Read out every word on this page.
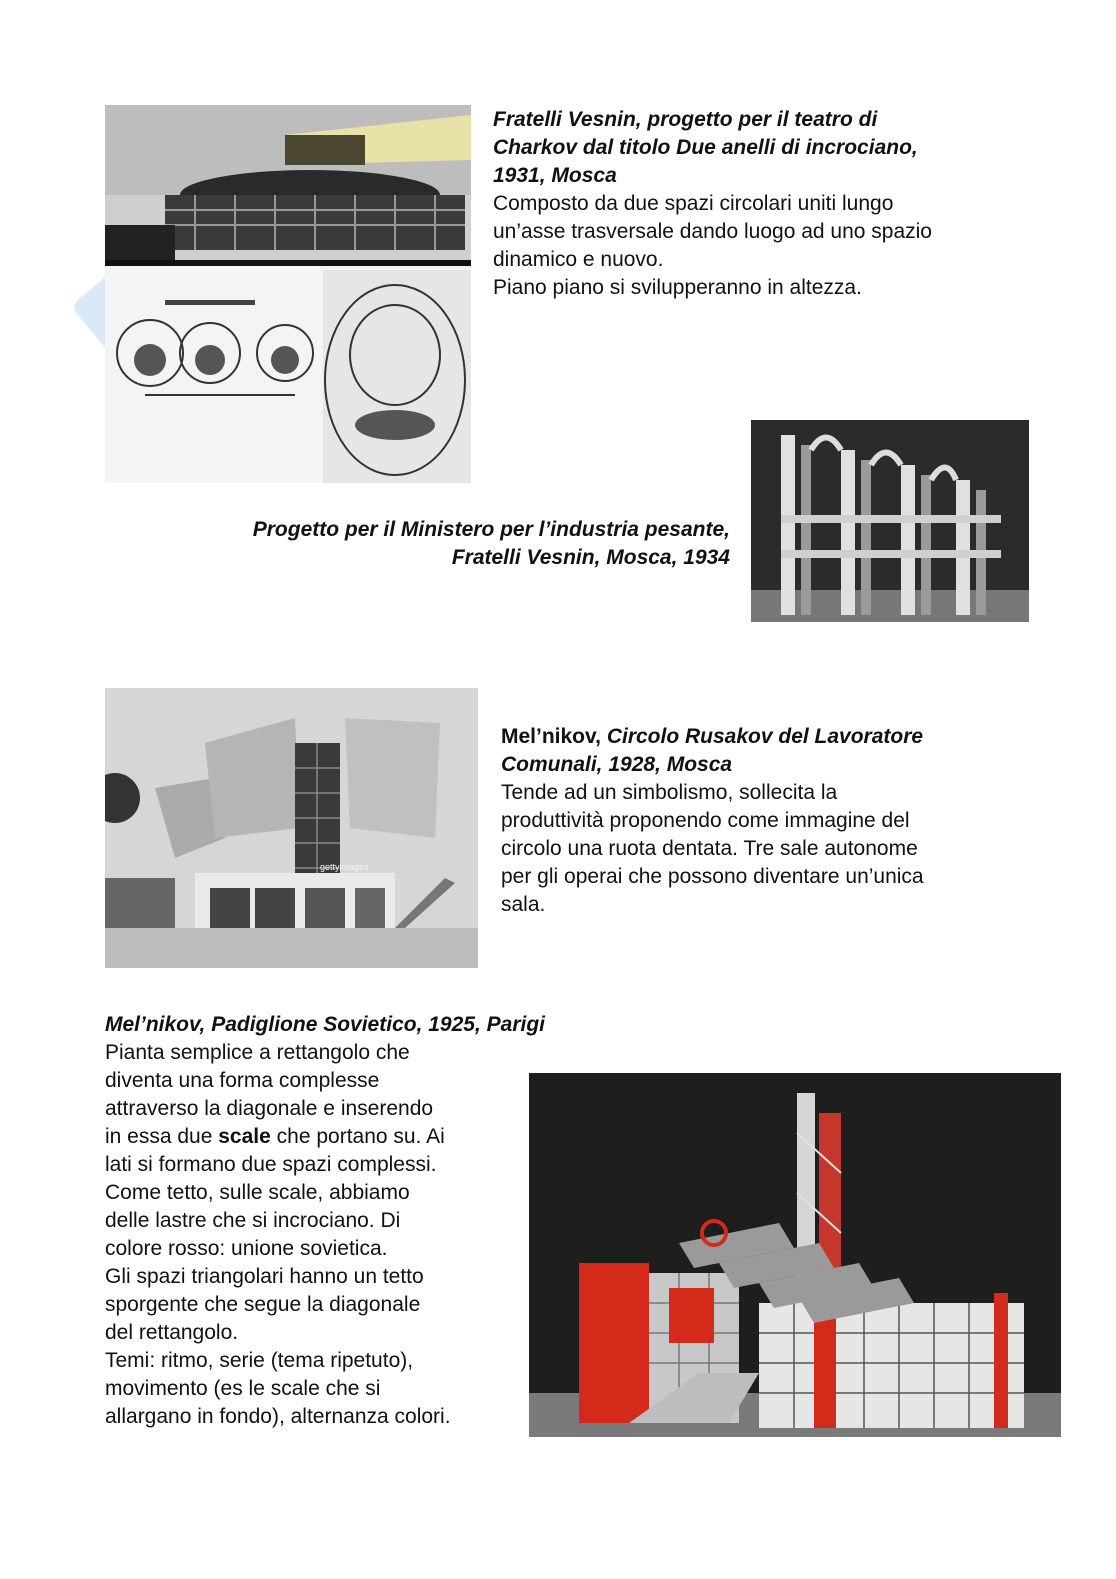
Fratelli Vesnin, progetto per il teatro di
Charkov dal titolo Due anelli di incrociano,
1931, Mosca
Composto da due spazi circolari uniti lungo
un’asse trasversale dando luogo ad uno spazio
dinamico e nuovo.
Piano piano si svilupperanno in altezza.
Progetto per il Ministero per l’industria pesante,
Fratelli Vesnin, Mosca, 1934
gettyimages
Mel’nikov, Circolo Rusakov del Lavoratore
Comunali, 1928, Mosca
Tende ad un simbolismo, sollecita la
produttività proponendo come immagine del
circolo una ruota dentata. Tre sale autonome
per gli operai che possono diventare un’unica
sala.
Mel’nikov, Padiglione Sovietico, 1925, Parigi
Pianta semplice a rettangolo che
diventa una forma complesse
attraverso la diagonale e inserendo
in essa due scale che portano su. Ai
lati si formano due spazi complessi.
Come tetto, sulle scale, abbiamo
delle lastre che si incrociano. Di
colore rosso: unione sovietica.
Gli spazi triangolari hanno un tetto
sporgente che segue la diagonale
del rettangolo.
Temi: ritmo, serie (tema ripetuto),
movimento (es le scale che si
allargano in fondo), alternanza colori.
